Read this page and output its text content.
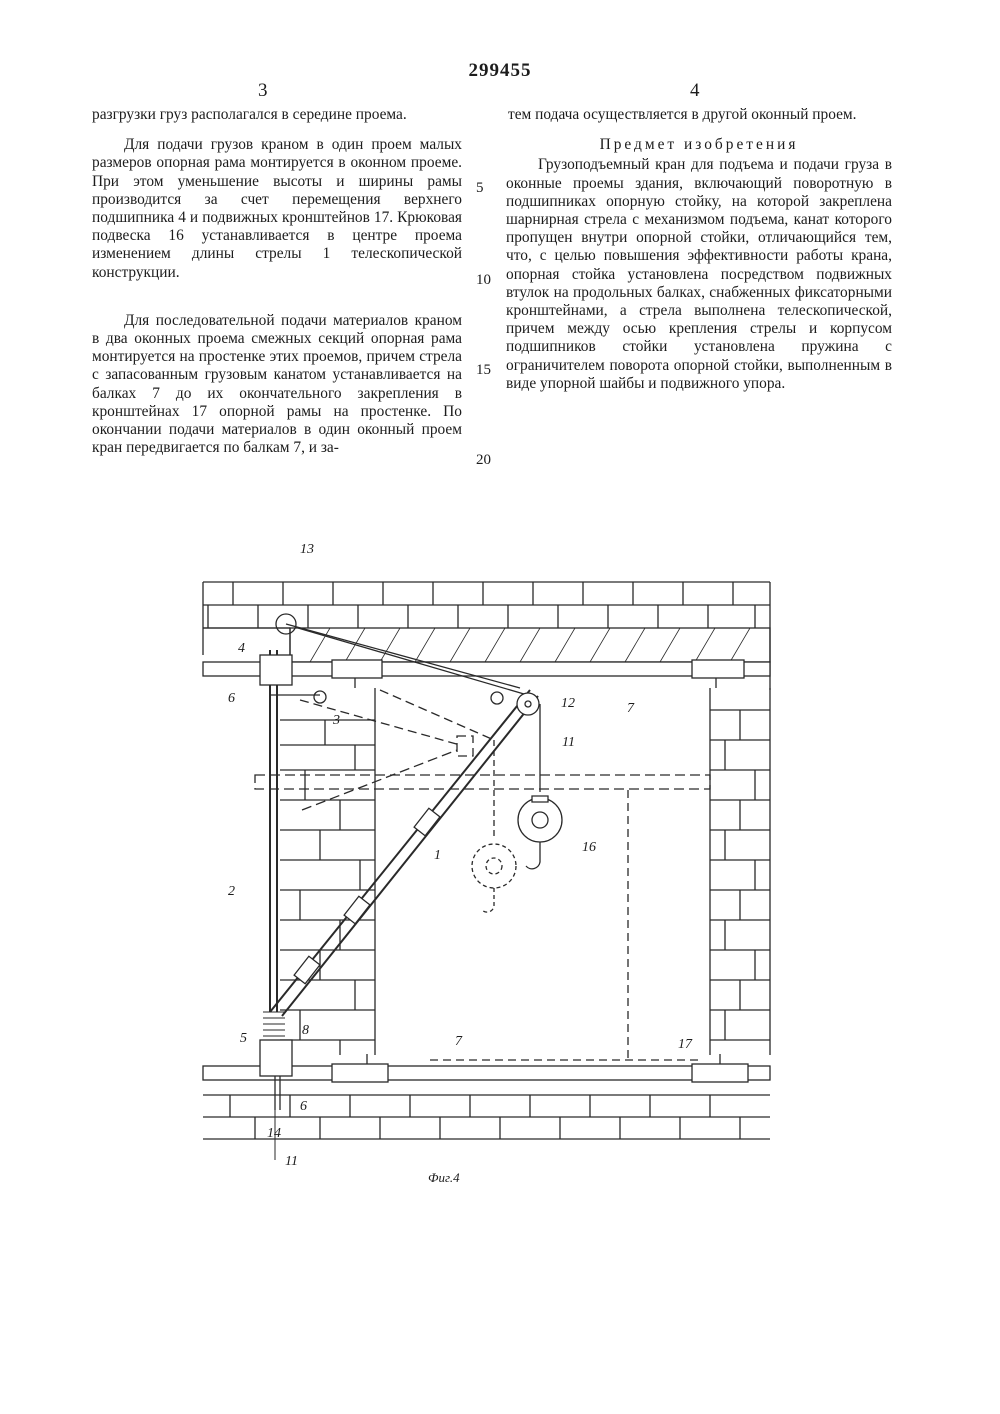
299455
3	4

разгрузки груз располагался в середине проема.

Для подачи грузов краном в один проем малых размеров опорная рама монтируется в оконном проеме. При этом уменьшение высоты и ширины рамы производится за счет перемещения верхнего подшипника 4 и подвижных кронштейнов 17. Крюковая подвеска 16 устанавливается в центре проема изменением длины стрелы 1 телескопической конструкции.

Для последовательной подачи материалов краном в два оконных проема смежных секций опорная рама монтируется на простенке этих проемов, причем стрела с запасованным грузовым канатом устанавливается на балках 7 до их окончательного закрепления в кронштейнах 17 опорной рамы на простенке. По окончании подачи материалов в один оконный проем кран передвигается по балкам 7, и за-

тем подача осуществляется в другой оконный проем.

Предмет изобретения

Грузоподъемный кран для подъема и подачи груза в оконные проемы здания, включающий поворотную в подшипниках опорную стойку, на которой закреплена шарнирная стрела с механизмом подъема, канат которого пропущен внутри опорной стойки, отличающийся тем, что, с целью повышения эффективности работы крана, опорная стойка установлена посредством подвижных втулок на продольных балках, снабженных фиксаторными кронштейнами, а стрела выполнена телескопической, причем между осью крепления стрелы и корпусом подшипников стойки установлена пружина с ограничителем поворота опорной стойки, выполненным в виде упорной шайбы и подвижного упора.

5
10
15
20
13
4
6
3
12	7
11
1
16
2
8
5	7	17
6
14
11
Фиг.4
